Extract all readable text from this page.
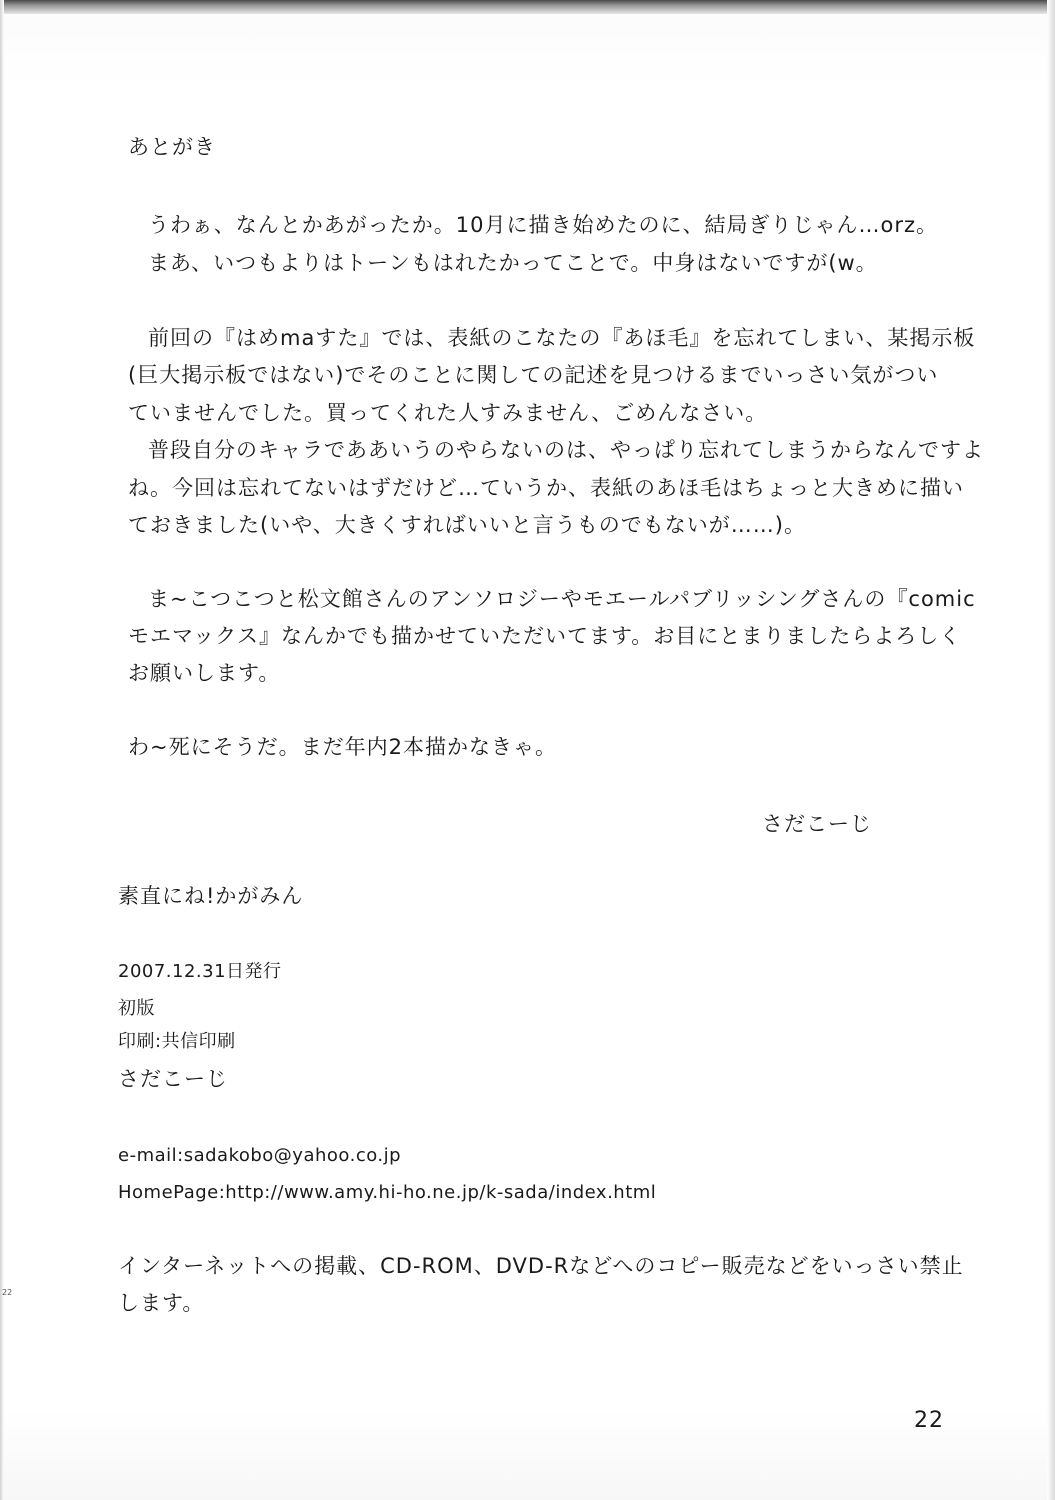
あとがき
うわぁ、なんとかあがったか。10月に描き始めたのに、結局ぎりじゃん…orz。
まあ、いつもよりはトーンもはれたかってことで。中身はないですが(w。
前回の『はめmaすた』では、表紙のこなたの『あほ毛』を忘れてしまい、某掲示板
(巨大掲示板ではない)でそのことに関しての記述を見つけるまでいっさい気がつい
ていませんでした。買ってくれた人すみません、ごめんなさい。
普段自分のキャラでああいうのやらないのは、やっぱり忘れてしまうからなんですよ
ね。今回は忘れてないはずだけど…ていうか、表紙のあほ毛はちょっと大きめに描い
ておきました(いや、大きくすればいいと言うものでもないが……)。
ま~こつこつと松文館さんのアンソロジーやモエールパブリッシングさんの『comic
モエマックス』なんかでも描かせていただいてます。お目にとまりましたらよろしく
お願いします。
わ~死にそうだ。まだ年内2本描かなきゃ。
さだこーじ
素直にね!かがみん
2007.12.31日発行
初版
印刷:共信印刷
さだこーじ
e-mail:sadakobo@yahoo.co.jp
HomePage:http://www.amy.hi-ho.ne.jp/k-sada/index.html
インターネットへの掲載、CD-ROM、DVD-Rなどへのコピー販売などをいっさい禁止
します。
22
22
